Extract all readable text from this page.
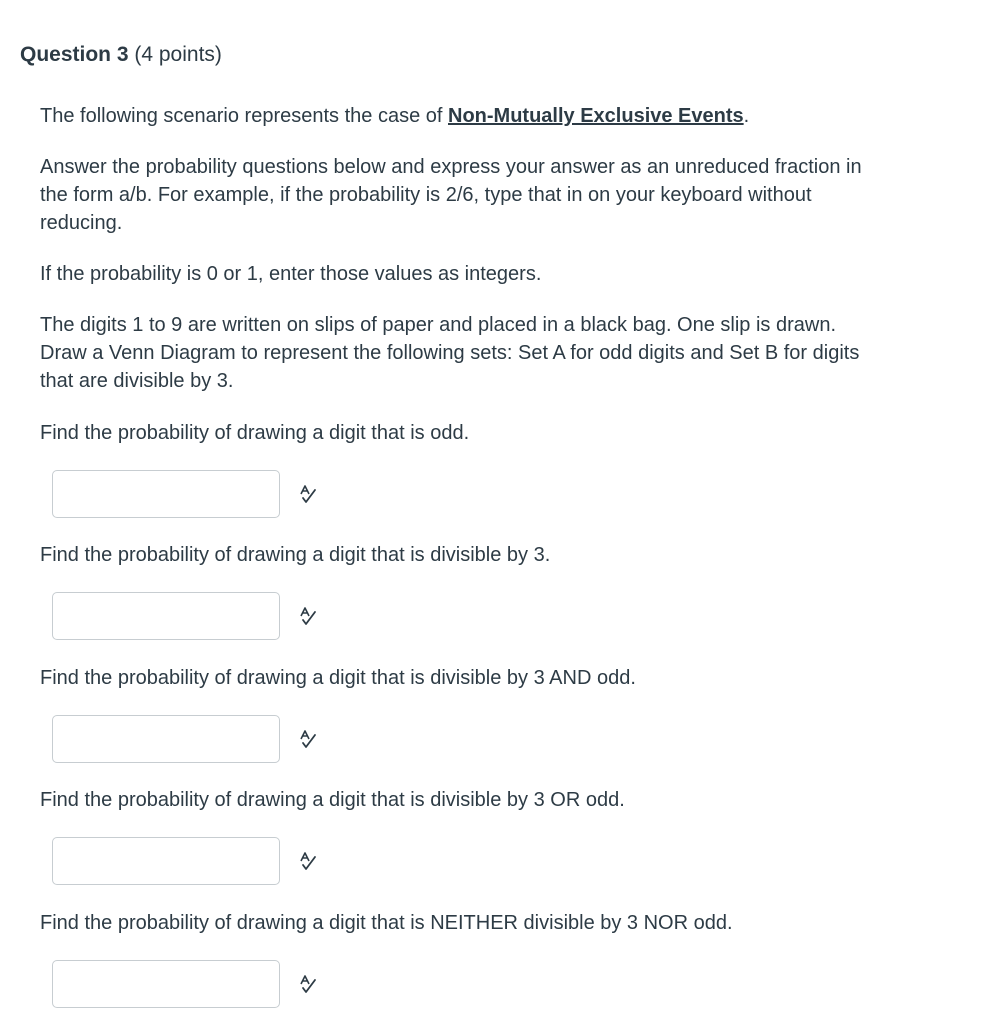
Question 3 (4 points)

The following scenario represents the case of Non-Mutually Exclusive Events.

Answer the probability questions below and express your answer as an unreduced fraction in the form a/b. For example, if the probability is 2/6, type that in on your keyboard without reducing.

If the probability is 0 or 1, enter those values as integers.

The digits 1 to 9 are written on slips of paper and placed in a black bag. One slip is drawn. Draw a Venn Diagram to represent the following sets: Set A for odd digits and Set B for digits that are divisible by 3.

Find the probability of drawing a digit that is odd.
Find the probability of drawing a digit that is divisible by 3.
Find the probability of drawing a digit that is divisible by 3 AND odd.
Find the probability of drawing a digit that is divisible by 3 OR odd.
Find the probability of drawing a digit that is NEITHER divisible by 3 NOR odd.
